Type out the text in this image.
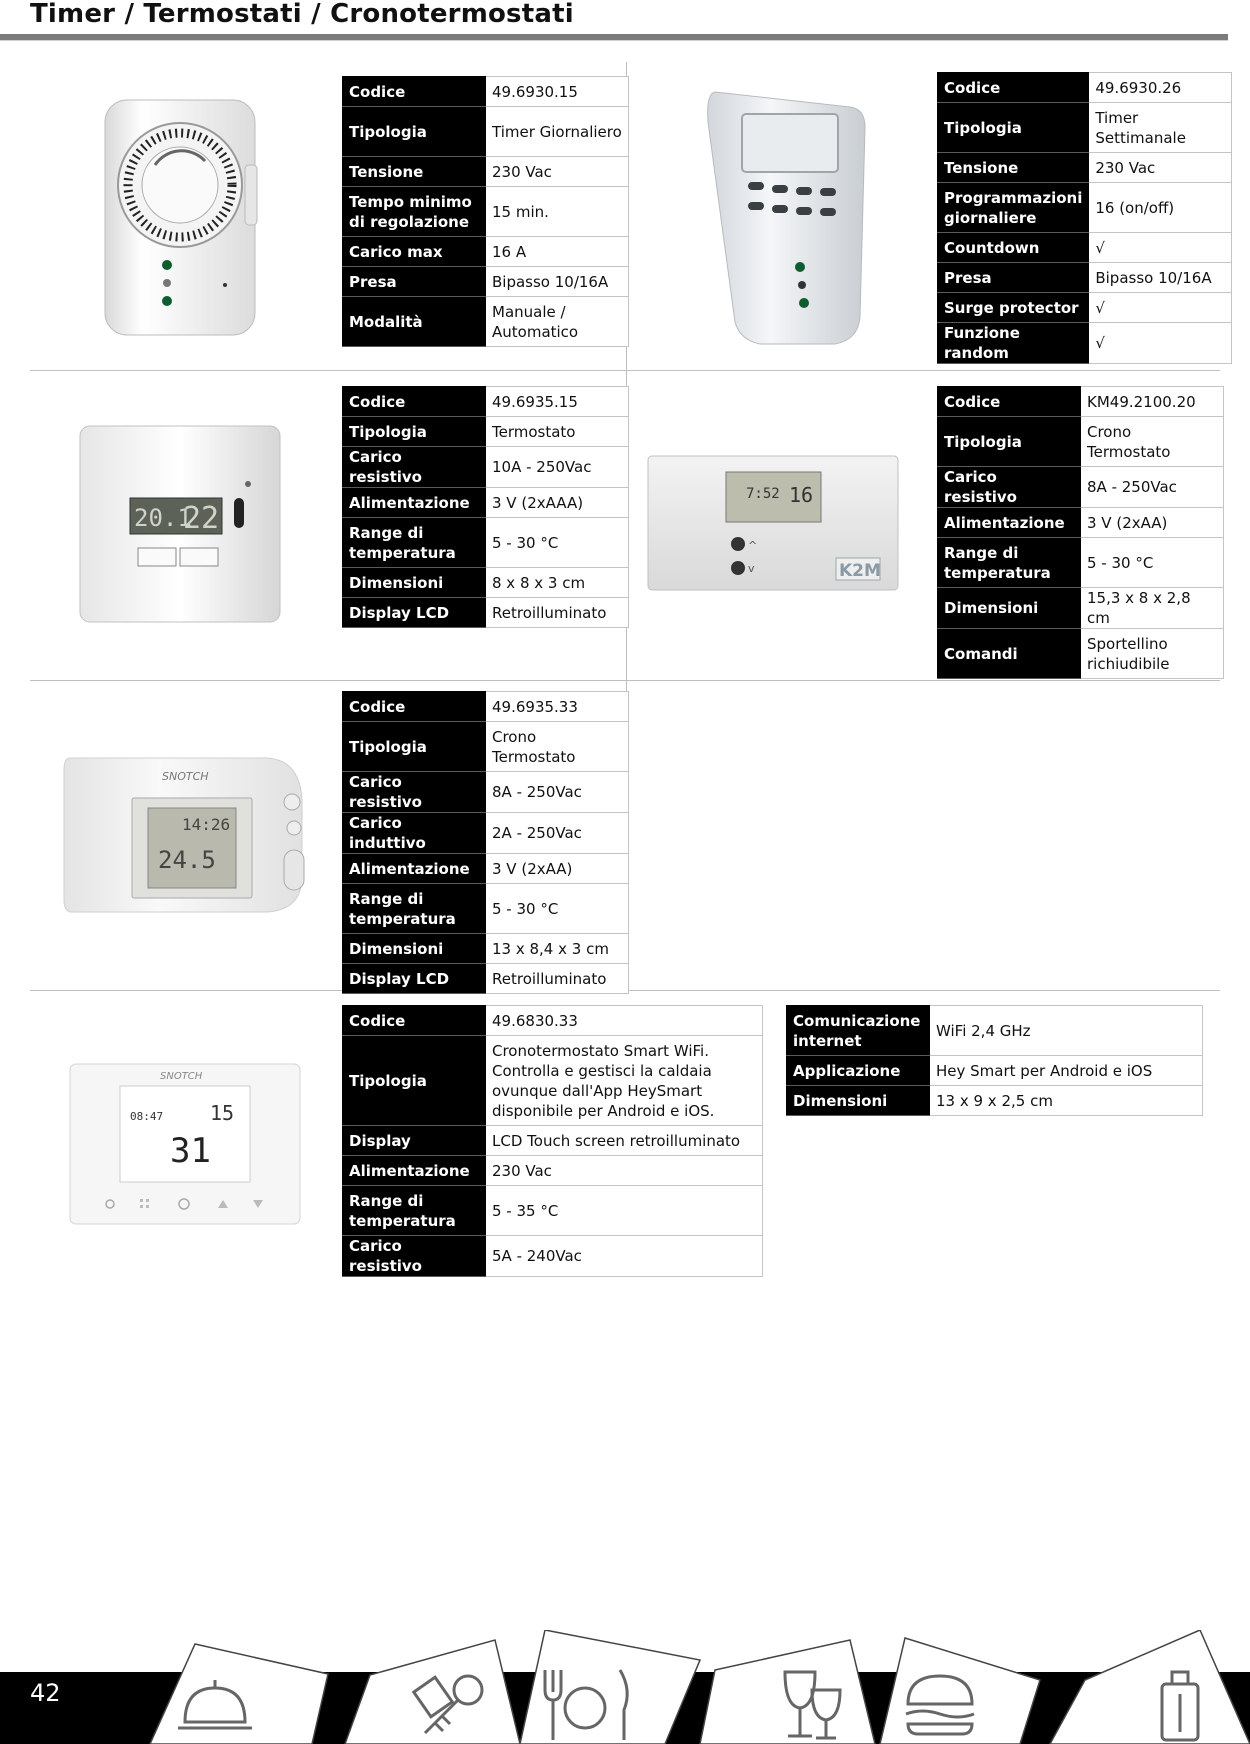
Timer / Termostati / Cronotermostati
Codice	49.6930.15
Tipologia	Timer Giornaliero
Tensione	230 Vac
Tempo minimo di regolazione	15 min.
Carico max	16 A
Presa	Bipasso 10/16A
Modalità	Manuale / Automatico
Codice	49.6930.26
Tipologia	Timer Settimanale
Tensione	230 Vac
Programmazioni giornaliere	16 (on/off)
Countdown	√
Presa	Bipasso 10/16A
Surge protector	√
Funzione random	√
20.1
22
Codice	49.6935.15
Tipologia	Termostato
Carico resistivo	10A - 250Vac
Alimentazione	3 V (2xAAA)
Range di temperatura	5 - 30 °C
Dimensioni	8 x 8 x 3 cm
Display LCD	Retroilluminato
7:52 16
^
v	K2M
Codice	KM49.2100.20
Tipologia	Crono Termostato
Carico resistivo	8A - 250Vac
Alimentazione	3 V (2xAA)
Range di temperatura	5 - 30 °C
Dimensioni	15,3 x 8 x 2,8 cm
Comandi	Sportellino richiudibile
SNOTCH
14:26
24.5
Codice	49.6935.33
Tipologia	Crono Termostato
Carico resistivo	8A - 250Vac
Carico induttivo	2A - 250Vac
Alimentazione	3 V (2xAA)
Range di temperatura	5 - 30 °C
Dimensioni	13 x 8,4 x 3 cm
Display LCD	Retroilluminato
SNOTCH
08:47 15
31
Codice	49.6830.33
Tipologia	Cronotermostato Smart WiFi. Controlla e gestisci la caldaia ovunque dall'App HeySmart disponibile per Android e iOS.
Display	LCD Touch screen retroilluminato
Alimentazione	230 Vac
Range di temperatura	5 - 35 °C
Carico resistivo	5A - 240Vac
Comunicazione internet	WiFi 2,4 GHz
Applicazione	Hey Smart per Android e iOS
Dimensioni	13 x 9 x 2,5 cm
42
